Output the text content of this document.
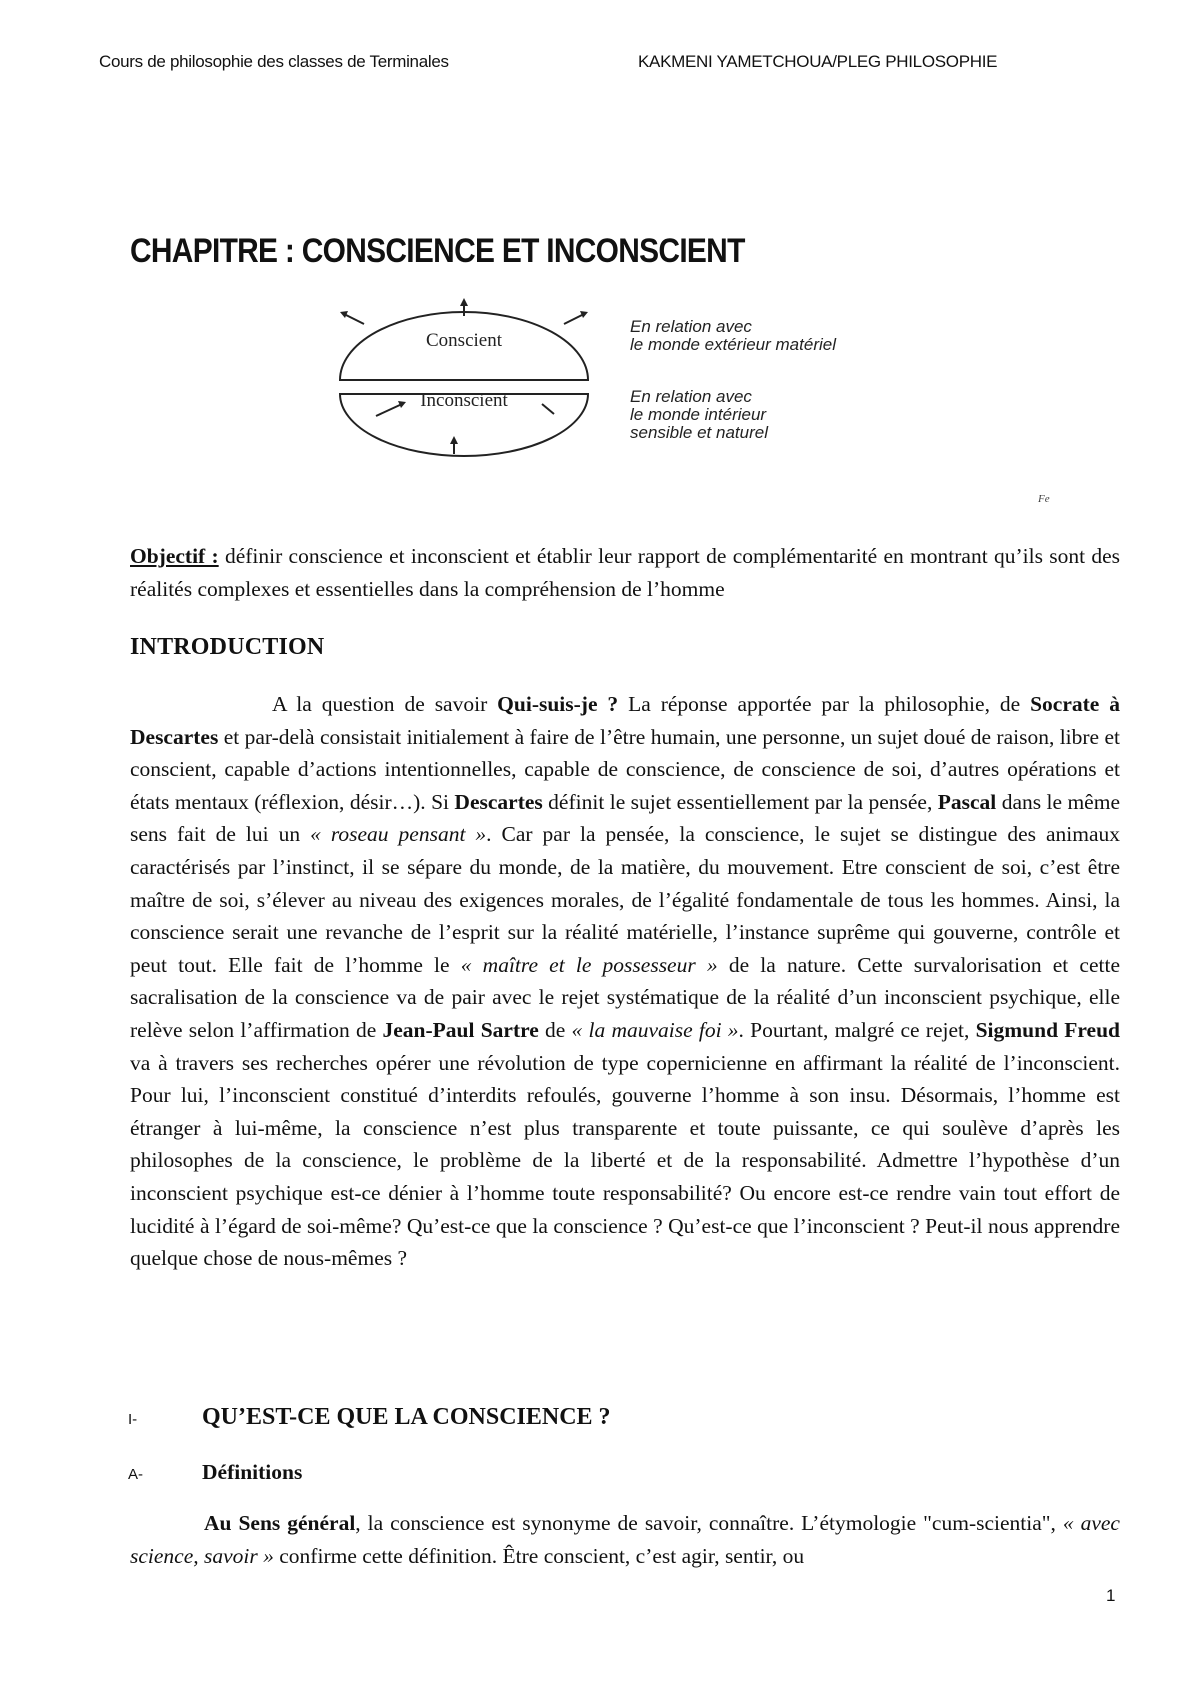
Cours de philosophie des classes de Terminales	KAKMENI YAMETCHOUA/PLEG PHILOSOPHIE
CHAPITRE : CONSCIENCE ET INCONSCIENT
Conscient
Inconscient
En relation avec
le monde extérieur matériel
En relation avec
le monde intérieur
sensible et naturel
Fe

Objectif : définir conscience et inconscient et établir leur rapport de complémentarité en montrant qu’ils sont des réalités complexes et essentielles dans la compréhension de l’homme

INTRODUCTION

A la question de savoir Qui-suis-je ? La réponse apportée par la philosophie, de Socrate à Descartes et par-delà consistait initialement à faire de l’être humain, une personne, un sujet doué de raison, libre et conscient, capable d’actions intentionnelles, capable de conscience, de conscience de soi, d’autres opérations et états mentaux (réflexion, désir…). Si Descartes définit le sujet essentiellement par la pensée, Pascal dans le même sens fait de lui un « roseau pensant ». Car par la pensée, la conscience, le sujet se distingue des animaux caractérisés par l’instinct, il se sépare du monde, de la matière, du mouvement. Etre conscient de soi, c’est être maître de soi, s’élever au niveau des exigences morales, de l’égalité fondamentale de tous les hommes. Ainsi, la conscience serait une revanche de l’esprit sur la réalité matérielle, l’instance suprême qui gouverne, contrôle et peut tout. Elle fait de l’homme le « maître et le possesseur » de la nature. Cette survalorisation et cette sacralisation de la conscience va de pair avec le rejet systématique de la réalité d’un inconscient psychique, elle relève selon l’affirmation de Jean-Paul Sartre de « la mauvaise foi ». Pourtant, malgré ce rejet, Sigmund Freud va à travers ses recherches opérer une révolution de type copernicienne en affirmant la réalité de l’inconscient. Pour lui, l’inconscient constitué d’interdits refoulés, gouverne l’homme à son insu. Désormais, l’homme est étranger à lui-même, la conscience n’est plus transparente et toute puissante, ce qui soulève d’après les philosophes de la conscience, le problème de la liberté et de la responsabilité. Admettre l’hypothèse d’un inconscient psychique est-ce dénier à l’homme toute responsabilité? Ou encore est-ce rendre vain tout effort de lucidité à l’égard de soi-même? Qu’est-ce que la conscience ? Qu’est-ce que l’inconscient ? Peut-il nous apprendre quelque chose de nous-mêmes ?

I-	QU’EST-CE QUE LA CONSCIENCE ?
A-	Définitions

Au Sens général, la conscience est synonyme de savoir, connaître. L’étymologie "cum-scientia", « avec science, savoir » confirme cette définition. Être conscient, c’est agir, sentir, ou

1
